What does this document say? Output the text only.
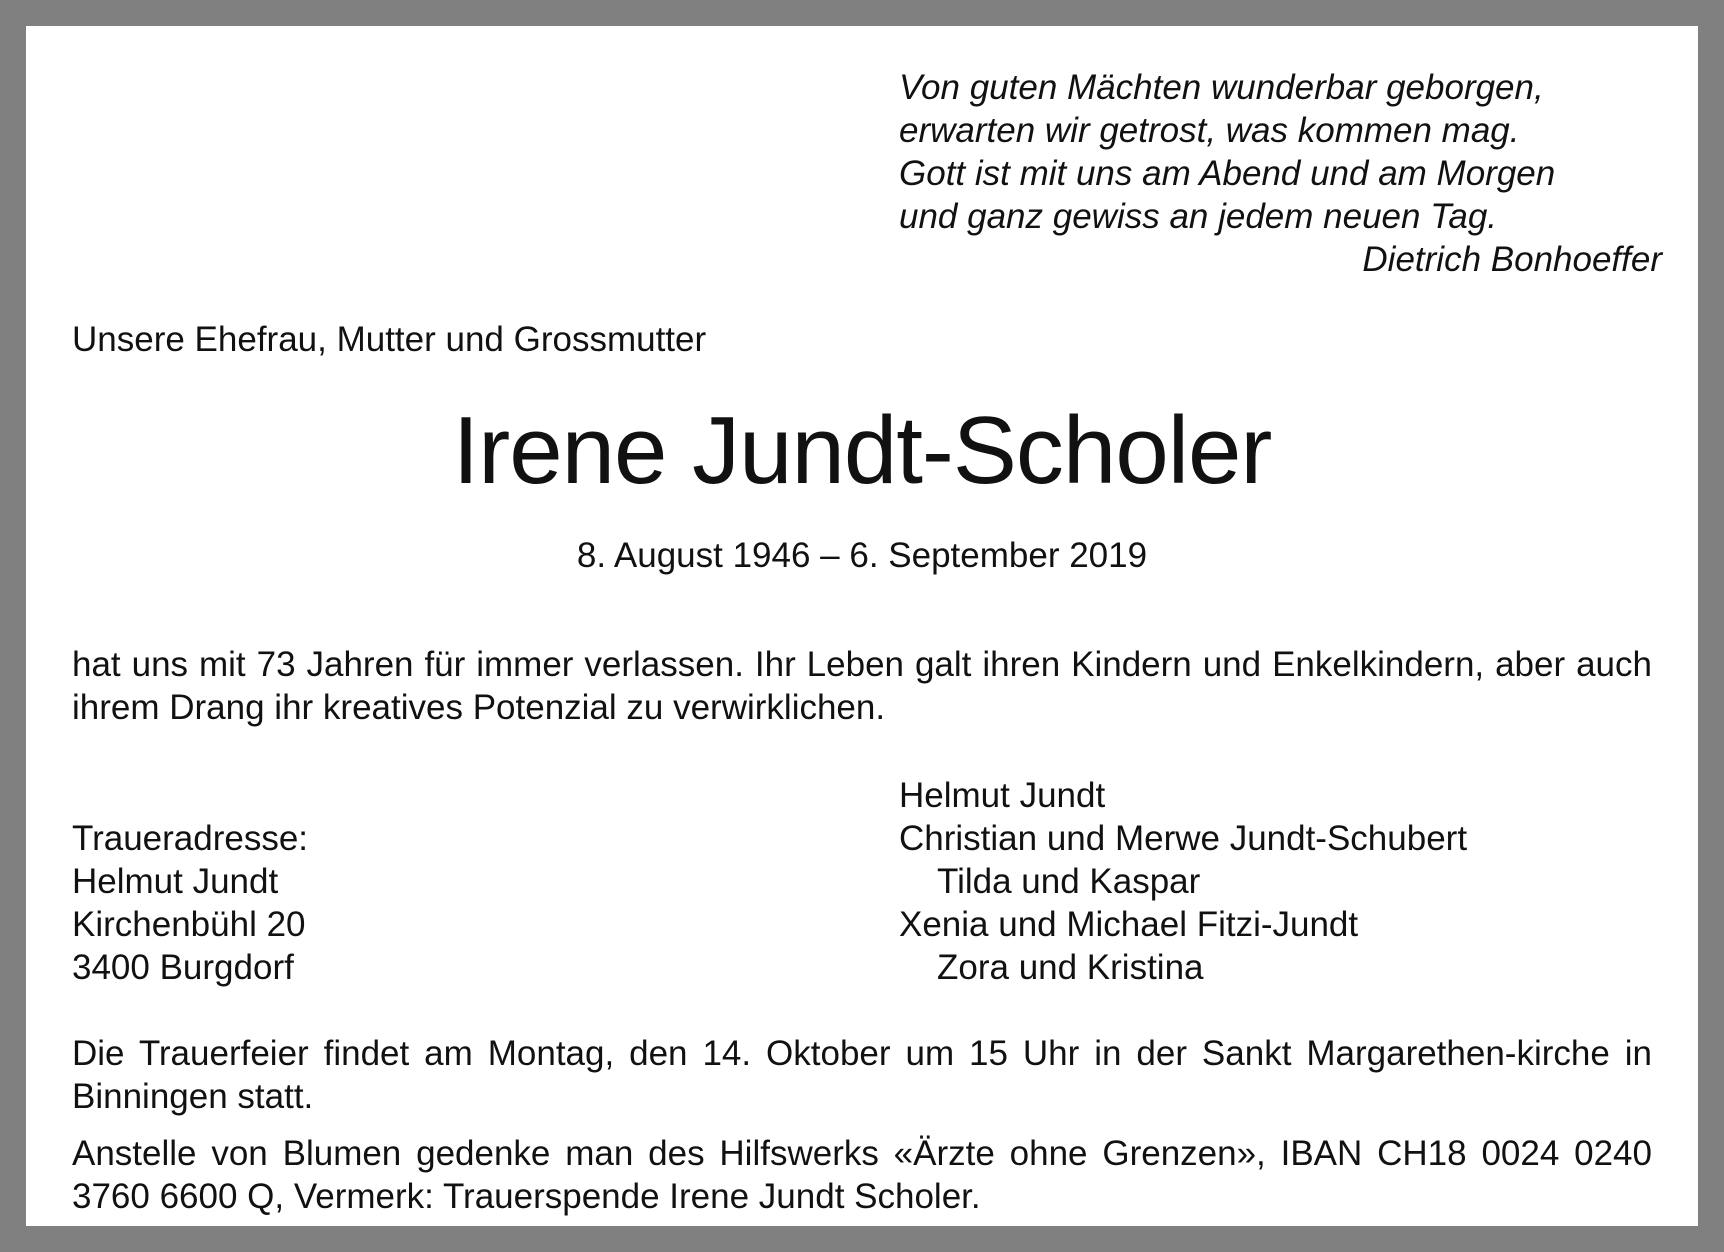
Von guten Mächten wunderbar geborgen,
erwarten wir getrost, was kommen mag.
Gott ist mit uns am Abend und am Morgen
und ganz gewiss an jedem neuen Tag.
Dietrich Bonhoeffer
Unsere Ehefrau, Mutter und Grossmutter
Irene Jundt-Scholer
8. August 1946 – 6. September 2019
hat uns mit 73 Jahren für immer verlassen. Ihr Leben galt ihren Kindern und Enkelkindern, aber auch ihrem Drang ihr kreatives Potenzial zu verwirklichen.
Traueradresse:
Helmut Jundt
Kirchenbühl 20
3400 Burgdorf
Helmut Jundt
Christian und Merwe Jundt-Schubert
Tilda und Kaspar
Xenia und Michael Fitzi-Jundt
Zora und Kristina
Die Trauerfeier findet am Montag, den 14. Oktober um 15 Uhr in der Sankt Margarethen-kirche in Binningen statt.
Anstelle von Blumen gedenke man des Hilfswerks «Ärzte ohne Grenzen», IBAN CH18 0024 0240 3760 6600 Q, Vermerk: Trauerspende Irene Jundt Scholer.
